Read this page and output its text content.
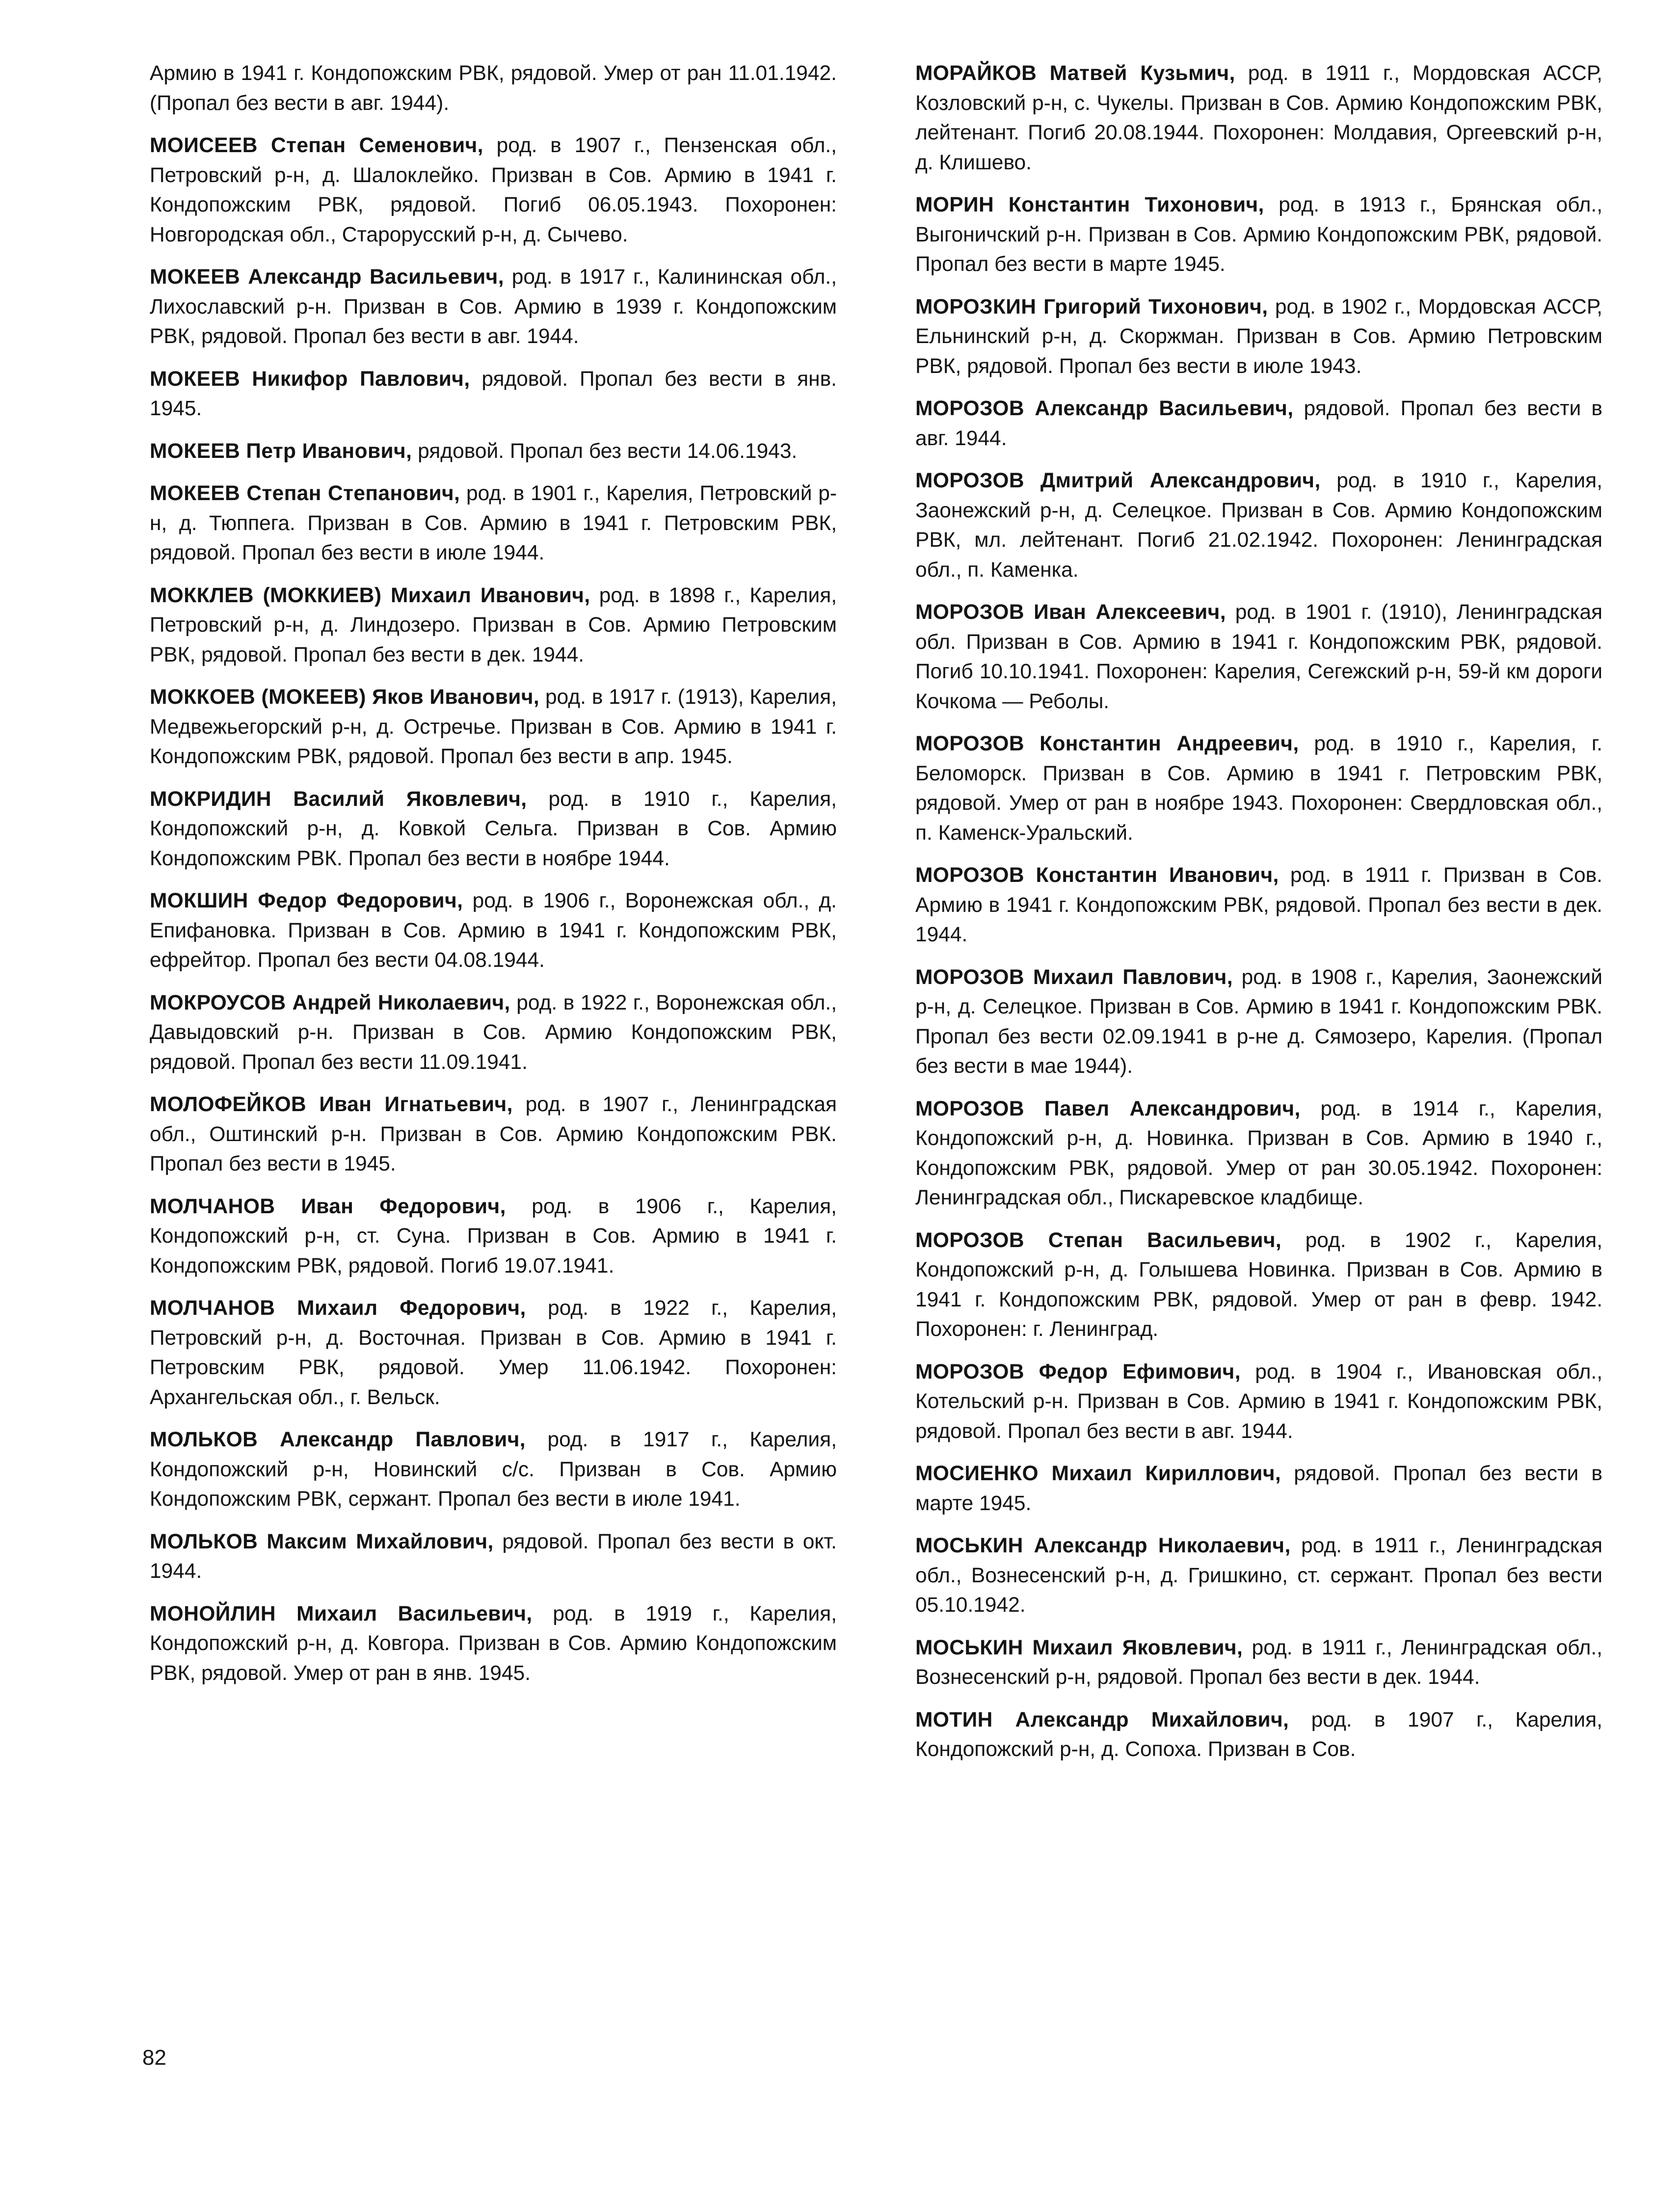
Армию в 1941 г. Кондопожским РВК, рядовой. Умер от ран 11.01.1942. (Пропал без вести в авг. 1944).

МОИСЕЕВ Степан Семенович, род. в 1907 г., Пензенская обл., Петровский р-н, д. Шалоклейко. Призван в Сов. Армию в 1941 г. Кондопожским РВК, рядовой. Погиб 06.05.1943. Похоронен: Новгородская обл., Старорусский р-н, д. Сычево.

МОКЕЕВ Александр Васильевич, род. в 1917 г., Калининская обл., Лихославский р-н. Призван в Сов. Армию в 1939 г. Кондопожским РВК, рядовой. Пропал без вести в авг. 1944.

МОКЕЕВ Никифор Павлович, рядовой. Пропал без вести в янв. 1945.

МОКЕЕВ Петр Иванович, рядовой. Пропал без вести 14.06.1943.

МОКЕЕВ Степан Степанович, род. в 1901 г., Карелия, Петровский р-н, д. Тюппега. Призван в Сов. Армию в 1941 г. Петровским РВК, рядовой. Пропал без вести в июле 1944.

МОККЛЕВ (МОККИЕВ) Михаил Иванович, род. в 1898 г., Карелия, Петровский р-н, д. Линдозеро. Призван в Сов. Армию Петровским РВК, рядовой. Пропал без вести в дек. 1944.

МОККОЕВ (МОКЕЕВ) Яков Иванович, род. в 1917 г. (1913), Карелия, Медвежьегорский р-н, д. Остречье. Призван в Сов. Армию в 1941 г. Кондопожским РВК, рядовой. Пропал без вести в апр. 1945.

МОКРИДИН Василий Яковлевич, род. в 1910 г., Карелия, Кондопожский р-н, д. Ковкой Сельга. Призван в Сов. Армию Кондопожским РВК. Пропал без вести в ноябре 1944.

МОКШИН Федор Федорович, род. в 1906 г., Воронежская обл., д. Епифановка. Призван в Сов. Армию в 1941 г. Кондопожским РВК, ефрейтор. Пропал без вести 04.08.1944.

МОКРОУСОВ Андрей Николаевич, род. в 1922 г., Воронежская обл., Давыдовский р-н. Призван в Сов. Армию Кондопожским РВК, рядовой. Пропал без вести 11.09.1941.

МОЛОФЕЙКОВ Иван Игнатьевич, род. в 1907 г., Ленинградская обл., Оштинский р-н. Призван в Сов. Армию Кондопожским РВК. Пропал без вести в 1945.

МОЛЧАНОВ Иван Федорович, род. в 1906 г., Карелия, Кондопожский р-н, ст. Суна. Призван в Сов. Армию в 1941 г. Кондопожским РВК, рядовой. Погиб 19.07.1941.

МОЛЧАНОВ Михаил Федорович, род. в 1922 г., Карелия, Петровский р-н, д. Восточная. Призван в Сов. Армию в 1941 г. Петровским РВК, рядовой. Умер 11.06.1942. Похоронен: Архангельская обл., г. Вельск.

МОЛЬКОВ Александр Павлович, род. в 1917 г., Карелия, Кондопожский р-н, Новинский с/с. Призван в Сов. Армию Кондопожским РВК, сержант. Пропал без вести в июле 1941.

МОЛЬКОВ Максим Михайлович, рядовой. Пропал без вести в окт. 1944.

МОНОЙЛИН Михаил Васильевич, род. в 1919 г., Карелия, Кондопожский р-н, д. Ковгора. Призван в Сов. Армию Кондопожским РВК, рядовой. Умер от ран в янв. 1945.

МОРАЙКОВ Матвей Кузьмич, род. в 1911 г., Мордовская АССР, Козловский р-н, с. Чукелы. Призван в Сов. Армию Кондопожским РВК, лейтенант. Погиб 20.08.1944. Похоронен: Молдавия, Оргеевский р-н, д. Клишево.

МОРИН Константин Тихонович, род. в 1913 г., Брянская обл., Выгоничский р-н. Призван в Сов. Армию Кондопожским РВК, рядовой. Пропал без вести в марте 1945.

МОРОЗКИН Григорий Тихонович, род. в 1902 г., Мордовская АССР, Ельнинский р-н, д. Скоржман. Призван в Сов. Армию Петровским РВК, рядовой. Пропал без вести в июле 1943.

МОРОЗОВ Александр Васильевич, рядовой. Пропал без вести в авг. 1944.

МОРОЗОВ Дмитрий Александрович, род. в 1910 г., Карелия, Заонежский р-н, д. Селецкое. Призван в Сов. Армию Кондопожским РВК, мл. лейтенант. Погиб 21.02.1942. Похоронен: Ленинградская обл., п. Каменка.

МОРОЗОВ Иван Алексеевич, род. в 1901 г. (1910), Ленинградская обл. Призван в Сов. Армию в 1941 г. Кондопожским РВК, рядовой. Погиб 10.10.1941. Похоронен: Карелия, Сегежский р-н, 59-й км дороги Кочкома — Реболы.

МОРОЗОВ Константин Андреевич, род. в 1910 г., Карелия, г. Беломорск. Призван в Сов. Армию в 1941 г. Петровским РВК, рядовой. Умер от ран в ноябре 1943. Похоронен: Свердловская обл., п. Каменск-Уральский.

МОРОЗОВ Константин Иванович, род. в 1911 г. Призван в Сов. Армию в 1941 г. Кондопожским РВК, рядовой. Пропал без вести в дек. 1944.

МОРОЗОВ Михаил Павлович, род. в 1908 г., Карелия, Заонежский р-н, д. Селецкое. Призван в Сов. Армию в 1941 г. Кондопожским РВК. Пропал без вести 02.09.1941 в р-не д. Сямозеро, Карелия. (Пропал без вести в мае 1944).

МОРОЗОВ Павел Александрович, род. в 1914 г., Карелия, Кондопожский р-н, д. Новинка. Призван в Сов. Армию в 1940 г., Кондопожским РВК, рядовой. Умер от ран 30.05.1942. Похоронен: Ленинградская обл., Пискаревское кладбище.

МОРОЗОВ Степан Васильевич, род. в 1902 г., Карелия, Кондопожский р-н, д. Голышева Новинка. Призван в Сов. Армию в 1941 г. Кондопожским РВК, рядовой. Умер от ран в февр. 1942. Похоронен: г. Ленинград.

МОРОЗОВ Федор Ефимович, род. в 1904 г., Ивановская обл., Котельский р-н. Призван в Сов. Армию в 1941 г. Кондопожским РВК, рядовой. Пропал без вести в авг. 1944.

МОСИЕНКО Михаил Кириллович, рядовой. Пропал без вести в марте 1945.

МОСЬКИН Александр Николаевич, род. в 1911 г., Ленинградская обл., Вознесенский р-н, д. Гришкино, ст. сержант. Пропал без вести 05.10.1942.

МОСЬКИН Михаил Яковлевич, род. в 1911 г., Ленинградская обл., Вознесенский р-н, рядовой. Пропал без вести в дек. 1944.

МОТИН Александр Михайлович, род. в 1907 г., Карелия, Кондопожский р-н, д. Сопоха. Призван в Сов.

82
